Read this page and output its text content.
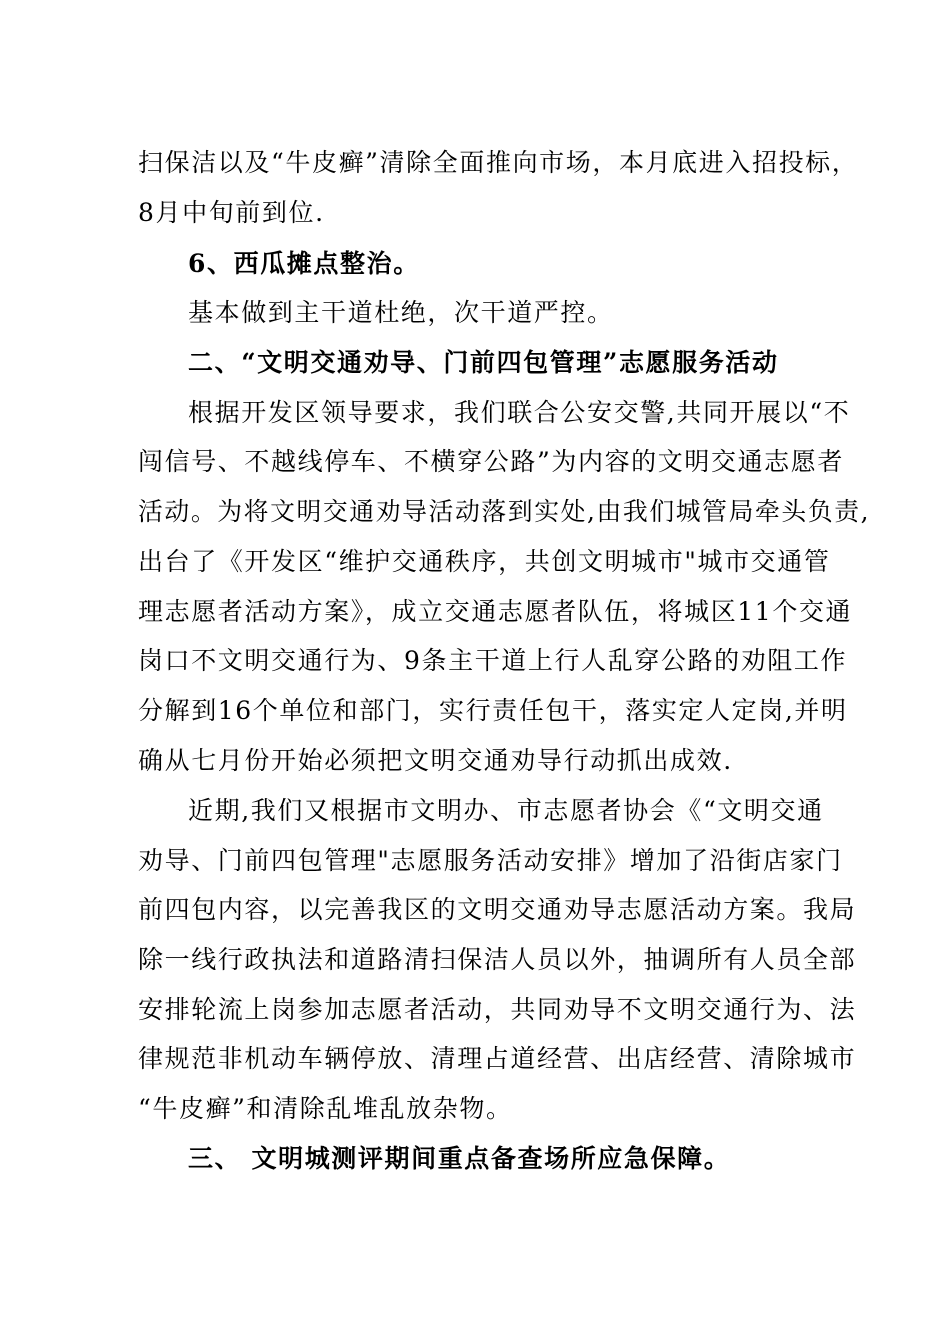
扫保洁以及“牛皮癣”清除全面推向市场，本月底进入招投标，
8月中旬前到位.
6、西瓜摊点整治。
基本做到主干道杜绝，次干道严控。
二、“文明交通劝导、门前四包管理”志愿服务活动
根据开发区领导要求，我们联合公安交警,共同开展以“不
闯信号、不越线停车、不横穿公路”为内容的文明交通志愿者
活动。为将文明交通劝导活动落到实处,由我们城管局牵头负责,
出台了《开发区“维护交通秩序，共创文明城市"城市交通管
理志愿者活动方案》，成立交通志愿者队伍，将城区11个交通
岗口不文明交通行为、9条主干道上行人乱穿公路的劝阻工作
分解到16个单位和部门，实行责任包干，落实定人定岗,并明
确从七月份开始必须把文明交通劝导行动抓出成效.
近期,我们又根据市文明办、市志愿者协会《“文明交通
劝导、门前四包管理"志愿服务活动安排》增加了沿街店家门
前四包内容，以完善我区的文明交通劝导志愿活动方案。我局
除一线行政执法和道路清扫保洁人员以外，抽调所有人员全部
安排轮流上岗参加志愿者活动，共同劝导不文明交通行为、法
律规范非机动车辆停放、清理占道经营、出店经营、清除城市
“牛皮癣”和清除乱堆乱放杂物。
三、 文明城测评期间重点备查场所应急保障。
